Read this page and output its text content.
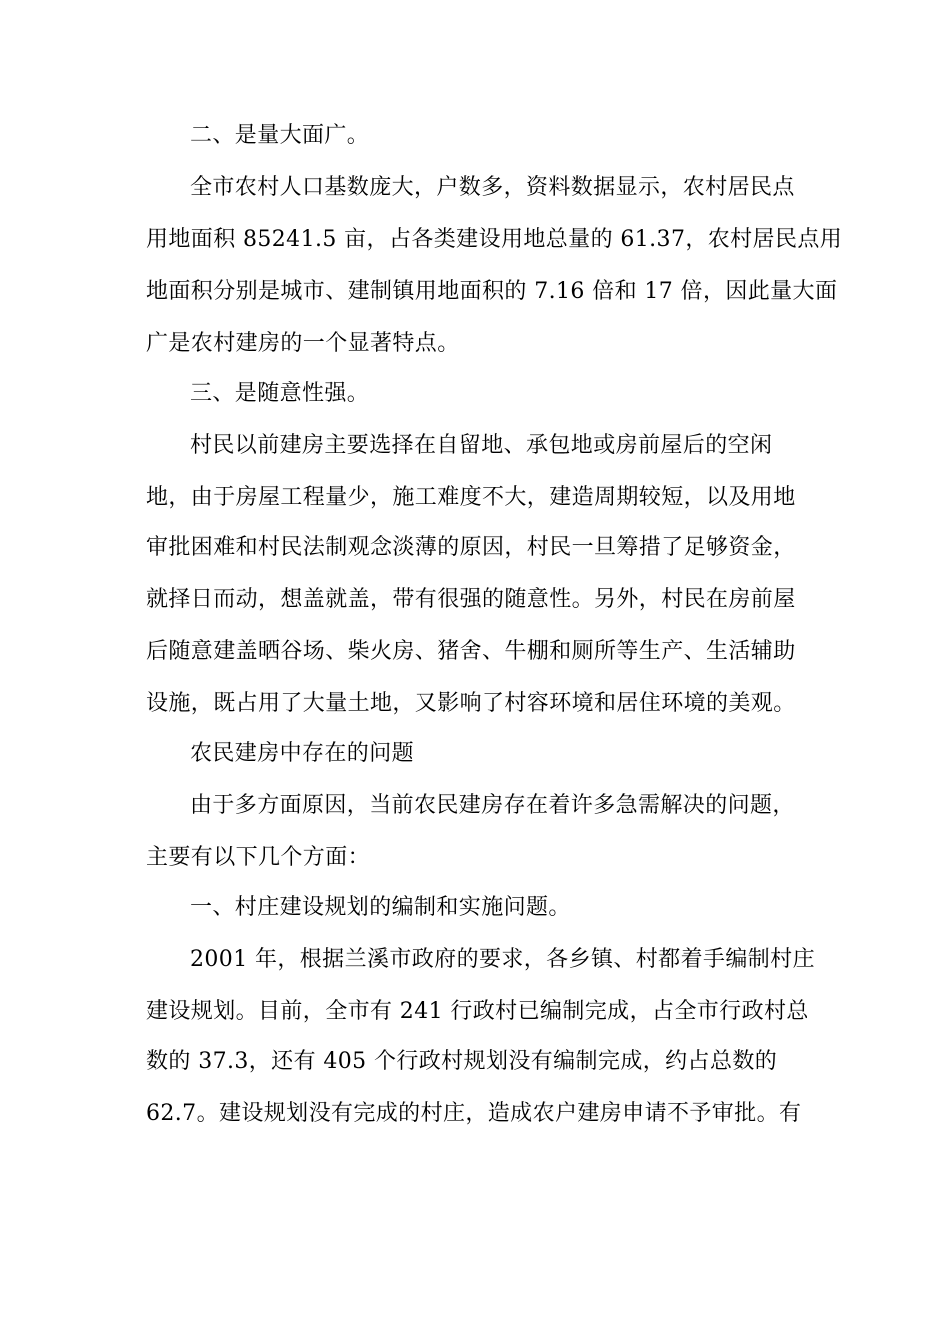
二、是量大面广。
全市农村人口基数庞大，户数多，资料数据显示，农村居民点
用地面积 85241.5 亩，占各类建设用地总量的 61.37，农村居民点用
地面积分别是城市、建制镇用地面积的 7.16 倍和 17 倍，因此量大面
广是农村建房的一个显著特点。
三、是随意性强。
村民以前建房主要选择在自留地、承包地或房前屋后的空闲
地，由于房屋工程量少，施工难度不大，建造周期较短，以及用地
审批困难和村民法制观念淡薄的原因，村民一旦筹措了足够资金，
就择日而动，想盖就盖，带有很强的随意性。另外，村民在房前屋
后随意建盖晒谷场、柴火房、猪舍、牛棚和厕所等生产、生活辅助
设施，既占用了大量土地，又影响了村容环境和居住环境的美观。
农民建房中存在的问题
由于多方面原因，当前农民建房存在着许多急需解决的问题，
主要有以下几个方面：
一、村庄建设规划的编制和实施问题。
2001 年，根据兰溪市政府的要求，各乡镇、村都着手编制村庄
建设规划。目前，全市有 241 行政村已编制完成，占全市行政村总
数的 37.3，还有 405 个行政村规划没有编制完成，约占总数的
62.7。建设规划没有完成的村庄，造成农户建房申请不予审批。有
